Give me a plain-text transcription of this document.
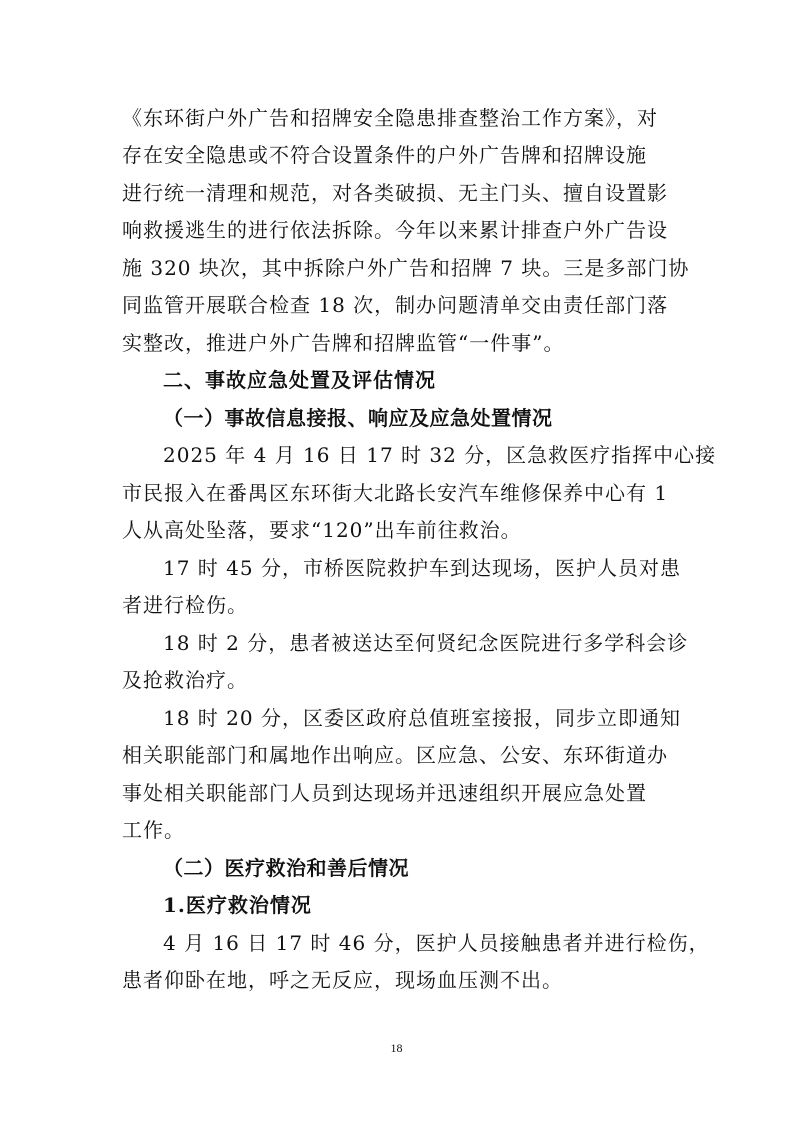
《东环街户外广告和招牌安全隐患排查整治工作方案》，对
存在安全隐患或不符合设置条件的户外广告牌和招牌设施
进行统一清理和规范，对各类破损、无主门头、擅自设置影
响救援逃生的进行依法拆除。今年以来累计排查户外广告设
施 320 块次，其中拆除户外广告和招牌 7 块。三是多部门协
同监管开展联合检查 18 次，制办问题清单交由责任部门落
实整改，推进户外广告牌和招牌监管“一件事”。
二、事故应急处置及评估情况
（一）事故信息接报、响应及应急处置情况
2025 年 4 月 16 日 17 时 32 分，区急救医疗指挥中心接
市民报入在番禺区东环街大北路长安汽车维修保养中心有 1
人从高处坠落，要求“120”出车前往救治。
17 时 45 分，市桥医院救护车到达现场，医护人员对患
者进行检伤。
18 时 2 分，患者被送达至何贤纪念医院进行多学科会诊
及抢救治疗。
18 时 20 分，区委区政府总值班室接报，同步立即通知
相关职能部门和属地作出响应。区应急、公安、东环街道办
事处相关职能部门人员到达现场并迅速组织开展应急处置
工作。
（二）医疗救治和善后情况
1.医疗救治情况
4 月 16 日 17 时 46 分，医护人员接触患者并进行检伤，
患者仰卧在地，呼之无反应，现场血压测不出。
18
